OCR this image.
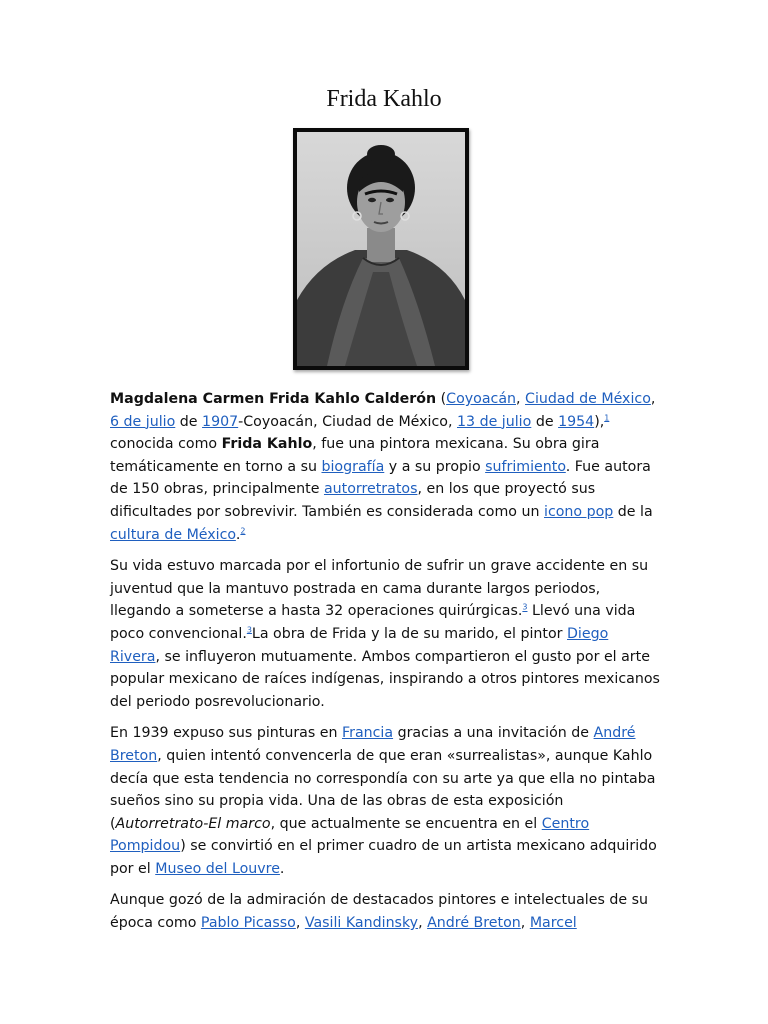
Frida Kahlo

Magdalena Carmen Frida Kahlo Calderón (Coyoacán, Ciudad de México, 6 de julio de 1907-Coyoacán, Ciudad de México, 13 de julio de 1954),$^1$ conocida como Frida Kahlo, fue una pintora mexicana. Su obra gira temáticamente en torno a su biografía y a su propio sufrimiento. Fue autora de 150 obras, principalmente autorretratos, en los que proyectó sus dificultades por sobrevivir. También es considerada como un icono pop de la cultura de México.$^2$

Su vida estuvo marcada por el infortunio de sufrir un grave accidente en su juventud que la mantuvo postrada en cama durante largos periodos, llegando a someterse a hasta 32 operaciones quirúrgicas.$^3$ Llevó una vida poco convencional.$^3$La obra de Frida y la de su marido, el pintor Diego Rivera, se influyeron mutuamente. Ambos compartieron el gusto por el arte popular mexicano de raíces indígenas, inspirando a otros pintores mexicanos del periodo posrevolucionario.

En 1939 expuso sus pinturas en Francia gracias a una invitación de André Breton, quien intentó convencerla de que eran «surrealistas», aunque Kahlo decía que esta tendencia no correspondía con su arte ya que ella no pintaba sueños sino su propia vida. Una de las obras de esta exposición (Autorretrato-El marco, que actualmente se encuentra en el Centro Pompidou) se convirtió en el primer cuadro de un artista mexicano adquirido por el Museo del Louvre.

Aunque gozó de la admiración de destacados pintores e intelectuales de su época como Pablo Picasso, Vasili Kandinsky, André Breton, Marcel
